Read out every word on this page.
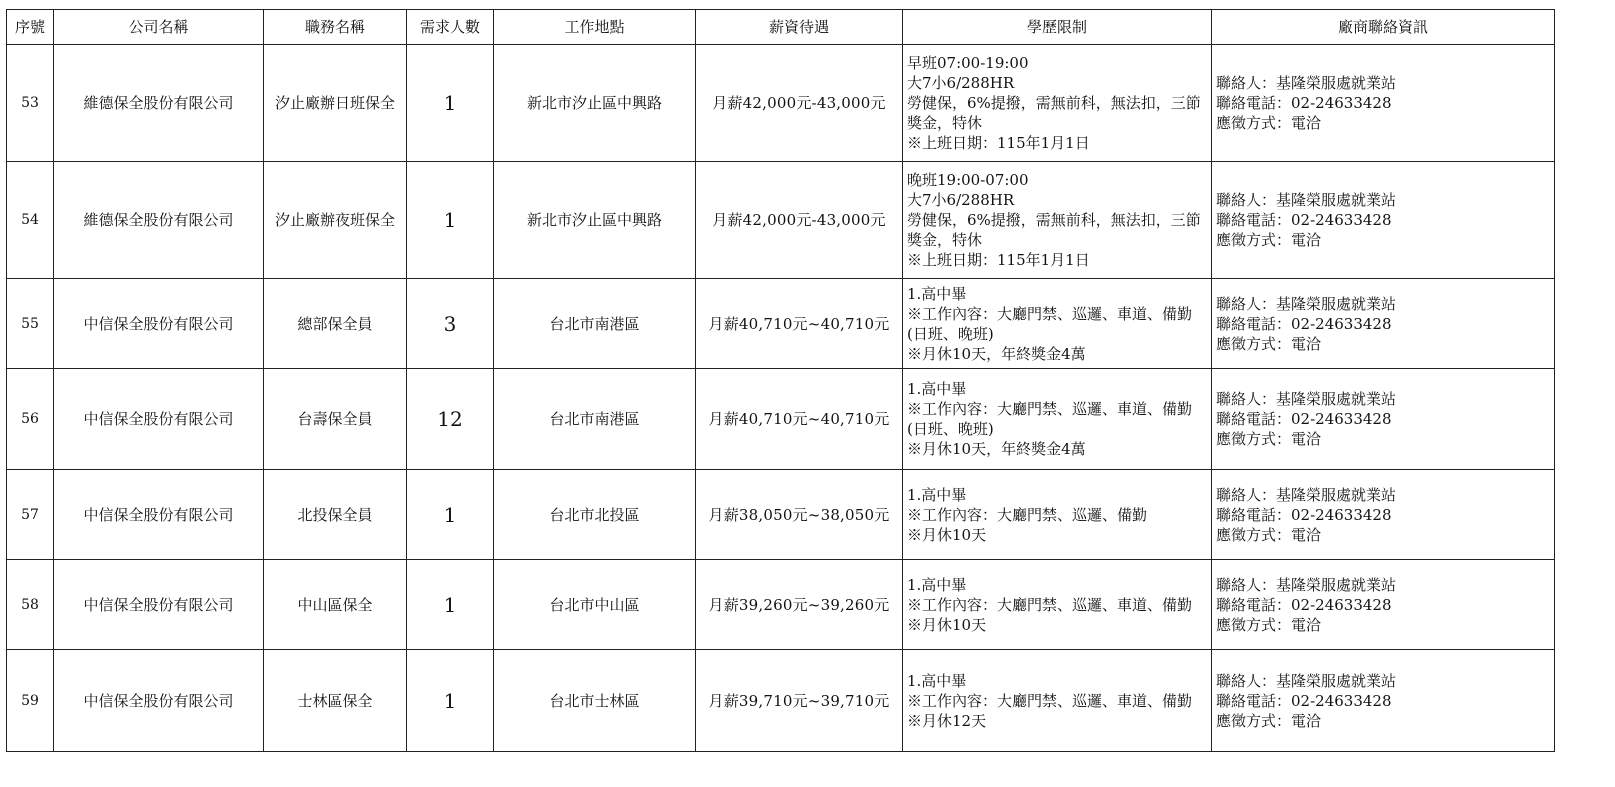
序號	公司名稱	職務名稱	需求人數	工作地點	薪資待遇	學歷限制	廠商聯絡資訊
53	維德保全股份有限公司	汐止廠辦日班保全	1	新北市汐止區中興路	月薪42,000元-43,000元	早班07:00-19:00
大7小6/288HR
勞健保，6%提撥，需無前科，無法扣，三節獎金，特休
※上班日期：115年1月1日	聯絡人：基隆榮服處就業站
聯絡電話：02-24633428
應徵方式：電洽

54	維德保全股份有限公司	汐止廠辦夜班保全	1	新北市汐止區中興路	月薪42,000元-43,000元	晚班19:00-07:00
大7小6/288HR
勞健保，6%提撥，需無前科，無法扣，三節獎金，特休
※上班日期：115年1月1日	聯絡人：基隆榮服處就業站
聯絡電話：02-24633428
應徵方式：電洽

55	中信保全股份有限公司	總部保全員	3	台北市南港區	月薪40,710元~40,710元	1.高中畢
※工作內容：大廳門禁、巡邏、車道、備勤 (日班、晚班)
※月休10天，年終獎金4萬	聯絡人：基隆榮服處就業站
聯絡電話：02-24633428
應徵方式：電洽

56	中信保全股份有限公司	台壽保全員	12	台北市南港區	月薪40,710元~40,710元	1.高中畢
※工作內容：大廳門禁、巡邏、車道、備勤 (日班、晚班)
※月休10天，年終獎金4萬	聯絡人：基隆榮服處就業站
聯絡電話：02-24633428
應徵方式：電洽

57	中信保全股份有限公司	北投保全員	1	台北市北投區	月薪38,050元~38,050元	1.高中畢
※工作內容：大廳門禁、巡邏、備勤
※月休10天	聯絡人：基隆榮服處就業站
聯絡電話：02-24633428
應徵方式：電洽

58	中信保全股份有限公司	中山區保全	1	台北市中山區	月薪39,260元~39,260元	1.高中畢
※工作內容：大廳門禁、巡邏、車道、備勤
※月休10天	聯絡人：基隆榮服處就業站
聯絡電話：02-24633428
應徵方式：電洽

59	中信保全股份有限公司	士林區保全	1	台北市士林區	月薪39,710元~39,710元	1.高中畢
※工作內容：大廳門禁、巡邏、車道、備勤
※月休12天	聯絡人：基隆榮服處就業站
聯絡電話：02-24633428
應徵方式：電洽
